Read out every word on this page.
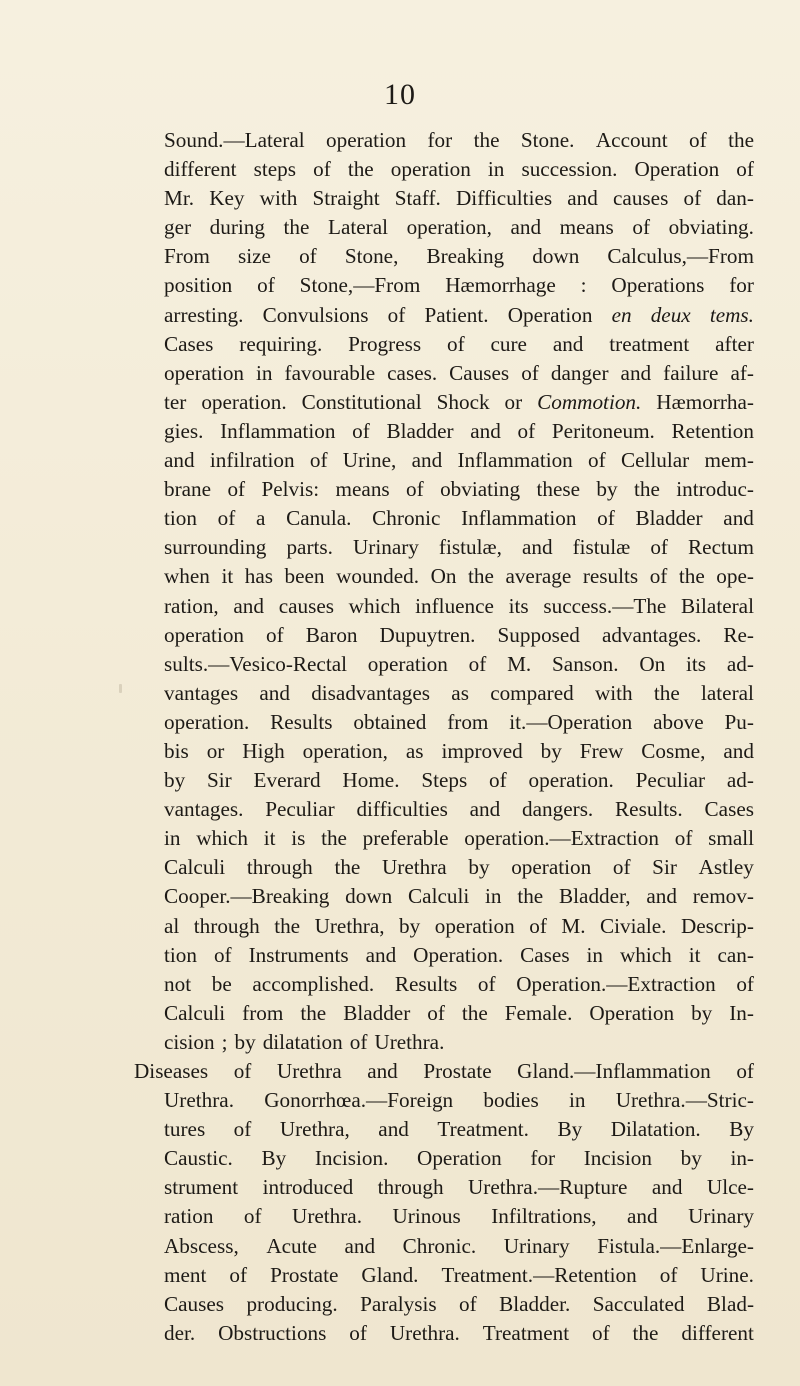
10
Sound.—Lateral operation for the Stone. Account of the
different steps of the operation in succession. Operation of
Mr. Key with Straight Staff. Difficulties and causes of dan-
ger during the Lateral operation, and means of obviating.
From size of Stone, Breaking down Calculus,—From
position of Stone,—From Hæmorrhage : Operations for
arresting. Convulsions of Patient. Operation en deux tems.
Cases requiring. Progress of cure and treatment after
operation in favourable cases. Causes of danger and failure af-
ter operation. Constitutional Shock or Commotion. Hæmorrha-
gies. Inflammation of Bladder and of Peritoneum. Retention
and infilration of Urine, and Inflammation of Cellular mem-
brane of Pelvis: means of obviating these by the introduc-
tion of a Canula. Chronic Inflammation of Bladder and
surrounding parts. Urinary fistulæ, and fistulæ of Rectum
when it has been wounded. On the average results of the ope-
ration, and causes which influence its success.—The Bilateral
operation of Baron Dupuytren. Supposed advantages. Re-
sults.—Vesico-Rectal operation of M. Sanson. On its ad-
vantages and disadvantages as compared with the lateral
operation. Results obtained from it.—Operation above Pu-
bis or High operation, as improved by Frew Cosme, and
by Sir Everard Home. Steps of operation. Peculiar ad-
vantages. Peculiar difficulties and dangers. Results. Cases
in which it is the preferable operation.—Extraction of small
Calculi through the Urethra by operation of Sir Astley
Cooper.—Breaking down Calculi in the Bladder, and remov-
al through the Urethra, by operation of M. Civiale. Descrip-
tion of Instruments and Operation. Cases in which it can-
not be accomplished. Results of Operation.—Extraction of
Calculi from the Bladder of the Female. Operation by In-
cision ; by dilatation of Urethra.
Diseases of Urethra and Prostate Gland.—Inflammation of
Urethra. Gonorrhœa.—Foreign bodies in Urethra.—Stric-
tures of Urethra, and Treatment. By Dilatation. By
Caustic. By Incision. Operation for Incision by in-
strument introduced through Urethra.—Rupture and Ulce-
ration of Urethra. Urinous Infiltrations, and Urinary
Abscess, Acute and Chronic. Urinary Fistula.—Enlarge-
ment of Prostate Gland. Treatment.—Retention of Urine.
Causes producing. Paralysis of Bladder. Sacculated Blad-
der. Obstructions of Urethra. Treatment of the different
